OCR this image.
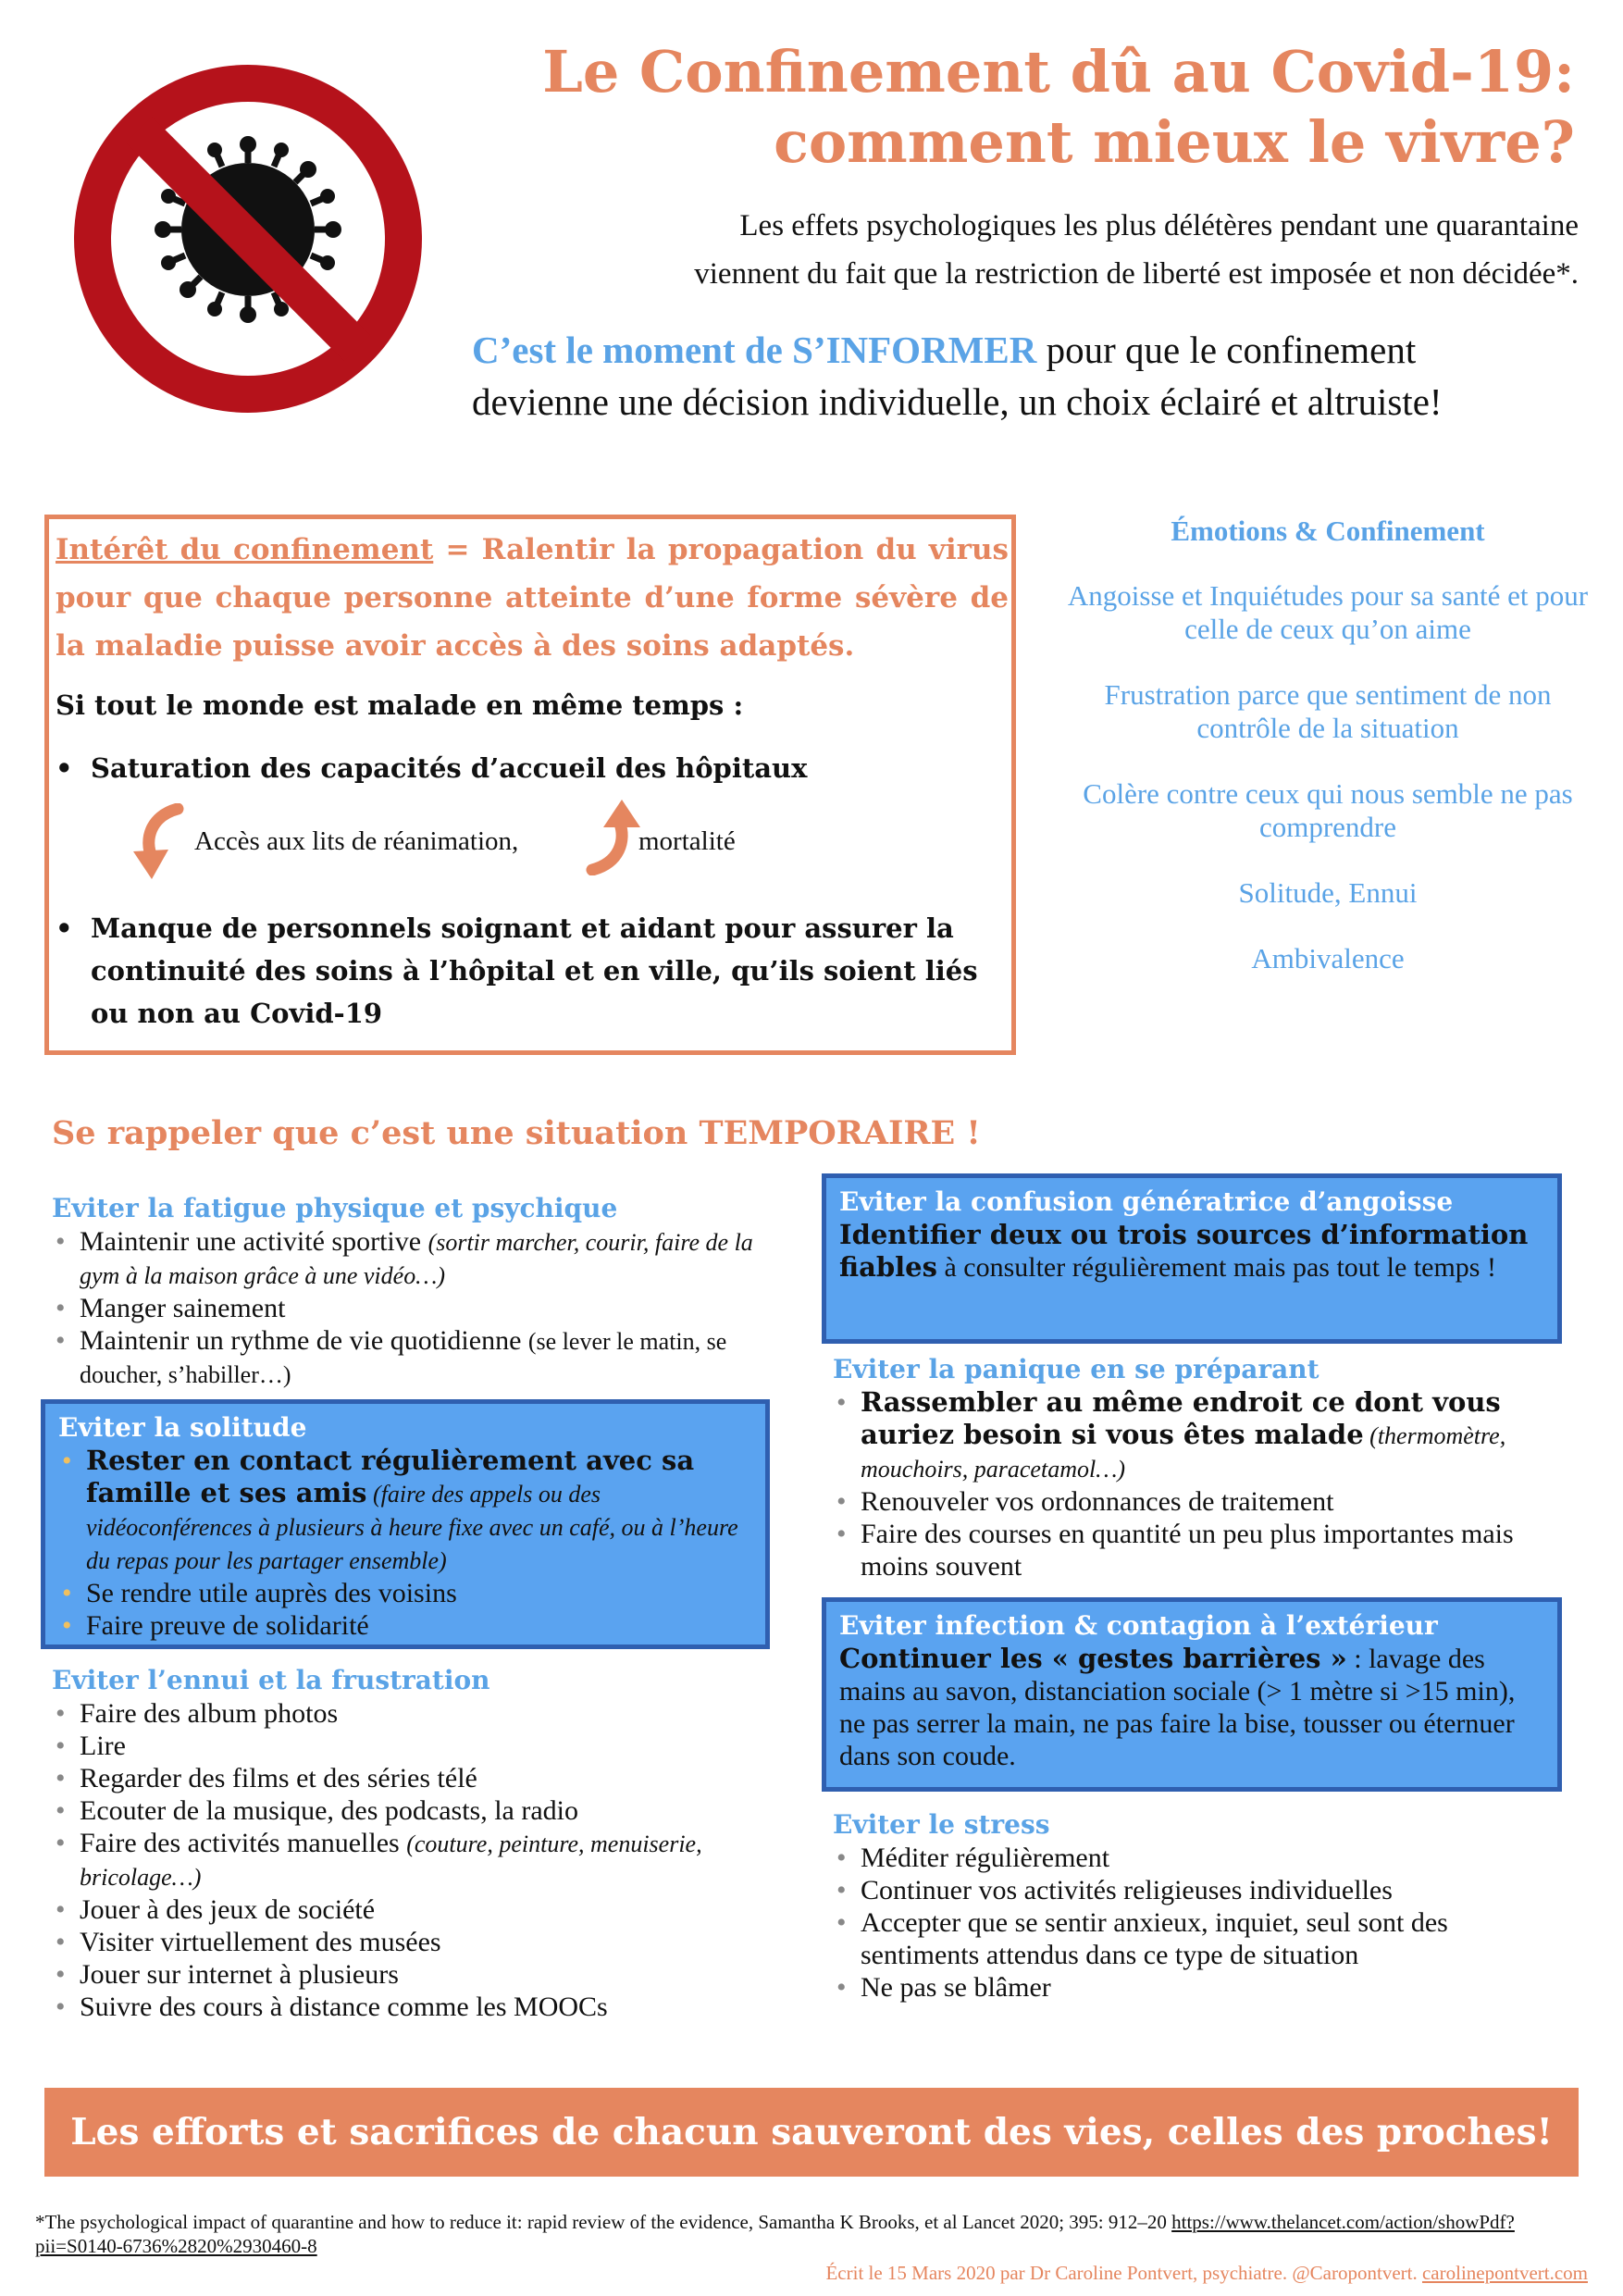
Le Confinement dû au Covid-19:
comment mieux le vivre?
Les effets psychologiques les plus délétères pendant une quarantaine
viennent du fait que la restriction de liberté est imposée et non décidée*.
C’est le moment de S’INFORMER pour que le confinement
devienne une décision individuelle, un choix éclairé et altruiste!
Intérêt du confinement = Ralentir la propagation du virus pour que chaque personne atteinte d’une forme sévère de la maladie puisse avoir accès à des soins adaptés.
Si tout le monde est malade en même temps :
• Saturation des capacités d’accueil des hôpitaux
Accès aux lits de réanimation,	mortalité
• Manque de personnels soignant et aidant pour assurer la continuité des soins à l’hôpital et en ville, qu’ils soient liés ou non au Covid-19
Émotions & Confinement
Angoisse et Inquiétudes pour sa santé et pour celle de ceux qu’on aime
Frustration parce que sentiment de non contrôle de la situation
Colère contre ceux qui nous semble ne pas comprendre
Solitude, Ennui
Ambivalence
Se rappeler que c’est une situation TEMPORAIRE !
Eviter la fatigue physique et psychique
• Maintenir une activité sportive (sortir marcher, courir, faire de la gym à la maison grâce à une vidéo…)
• Manger sainement
• Maintenir un rythme de vie quotidienne (se lever le matin, se doucher, s’habiller…)
Eviter la solitude
• Rester en contact régulièrement avec sa famille et ses amis (faire des appels ou des vidéoconférences à plusieurs à heure fixe avec un café, ou à l’heure du repas pour les partager ensemble)
• Se rendre utile auprès des voisins
• Faire preuve de solidarité
Eviter l’ennui et la frustration
• Faire des album photos
• Lire
• Regarder des films et des séries télé
• Ecouter de la musique, des podcasts, la radio
• Faire des activités manuelles (couture, peinture, menuiserie, bricolage…)
• Jouer à des jeux de société
• Visiter virtuellement des musées
• Jouer sur internet à plusieurs
• Suivre des cours à distance comme les MOOCs
Eviter la confusion génératrice d’angoisse
Identifier deux ou trois sources d’information fiables à consulter régulièrement mais pas tout le temps !
Eviter la panique en se préparant
• Rassembler au même endroit ce dont vous auriez besoin si vous êtes malade (thermomètre, mouchoirs, paracetamol…)
• Renouveler vos ordonnances de traitement
• Faire des courses en quantité un peu plus importantes mais moins souvent
Eviter infection & contagion à l’extérieur
Continuer les « gestes barrières » : lavage des mains au savon, distanciation sociale (> 1 mètre si >15 min), ne pas serrer la main, ne pas faire la bise, tousser ou éternuer dans son coude.
Eviter le stress
• Méditer régulièrement
• Continuer vos activités religieuses individuelles
• Accepter que se sentir anxieux, inquiet, seul sont des sentiments attendus dans ce type de situation
• Ne pas se blâmer
Les efforts et sacrifices de chacun sauveront des vies, celles des proches!
*The psychological impact of quarantine and how to reduce it: rapid review of the evidence, Samantha K Brooks, et al Lancet 2020; 395: 912–20 https://www.thelancet.com/action/showPdf?pii=S0140-6736%2820%2930460-8
Écrit le 15 Mars 2020 par Dr Caroline Pontvert, psychiatre. @Caropontvert. carolinepontvert.com
